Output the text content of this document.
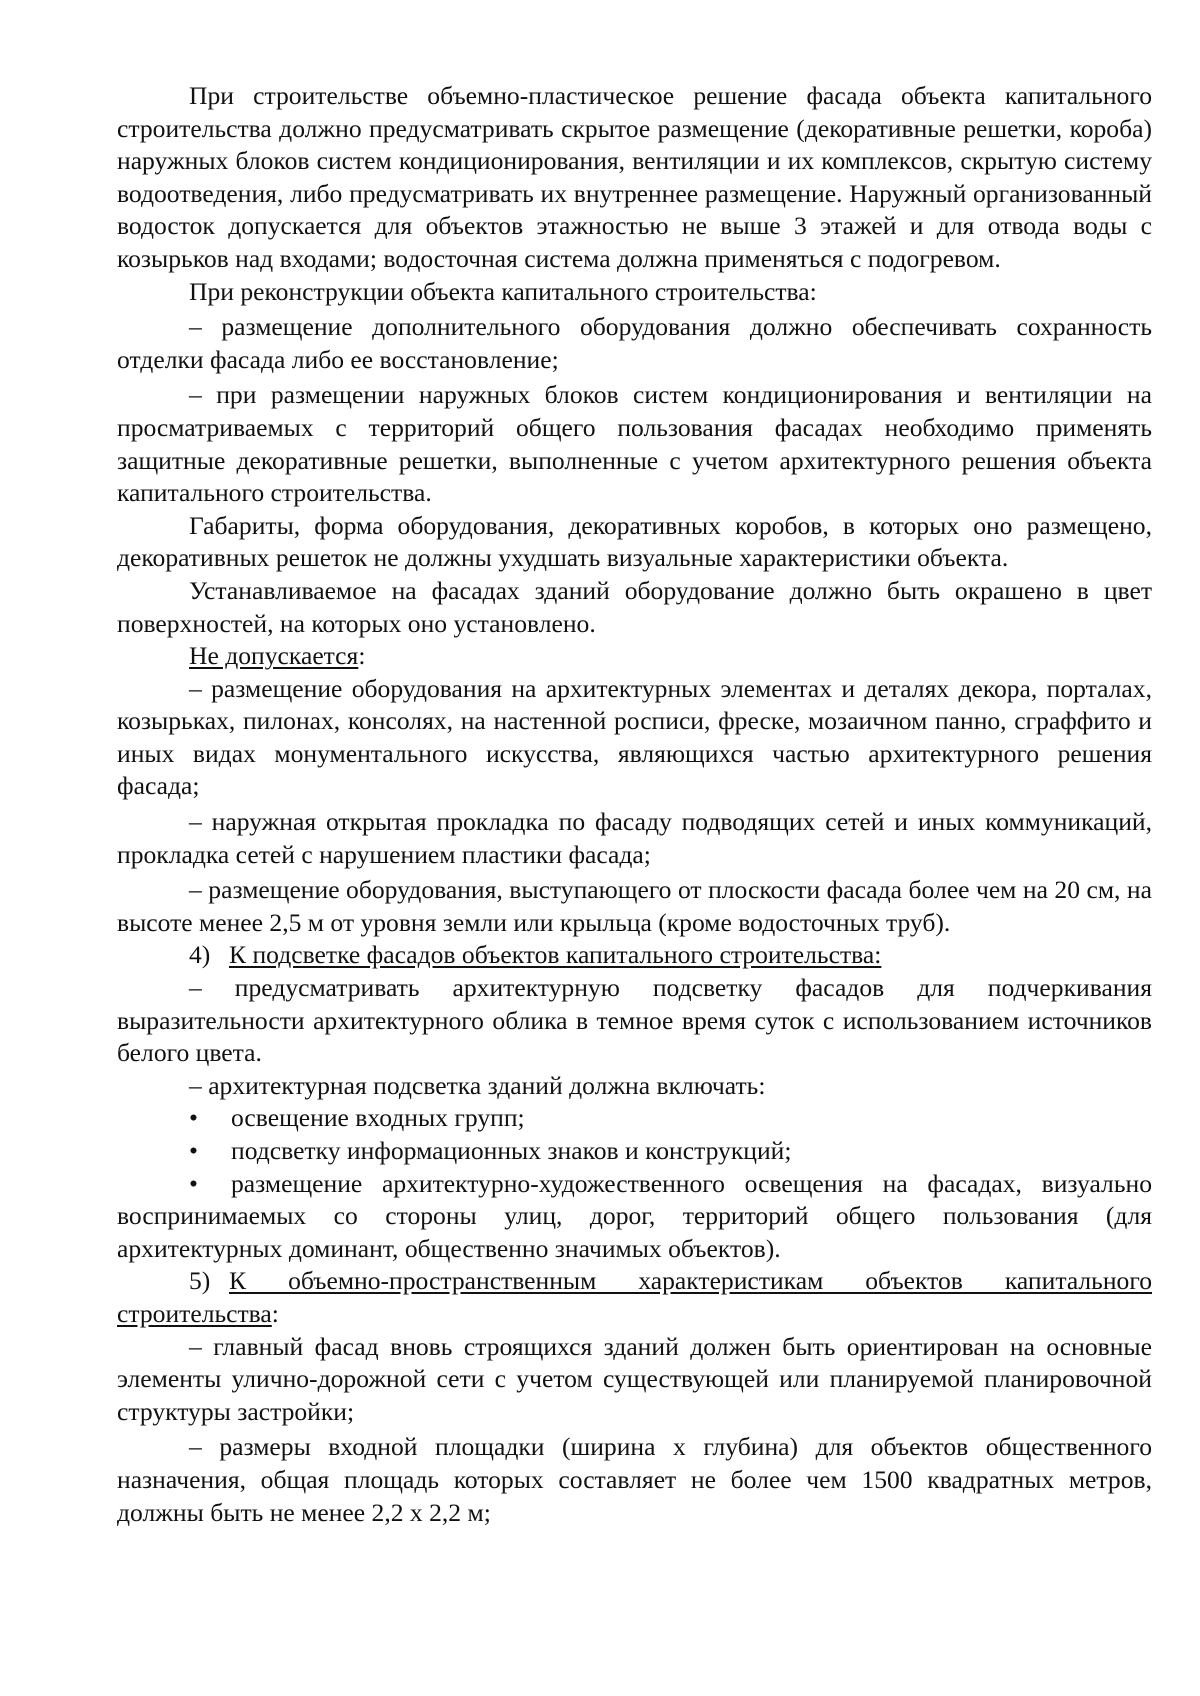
При строительстве объемно-пластическое решение фасада объекта капитального строительства должно предусматривать скрытое размещение (декоративные решетки, короба) наружных блоков систем кондиционирования, вентиляции и их комплексов, скрытую систему водоотведения, либо предусматривать их внутреннее размещение. Наружный организованный водосток допускается для объектов этажностью не выше 3 этажей и для отвода воды с козырьков над входами; водосточная система должна применяться с подогревом.

При реконструкции объекта капитального строительства:

– размещение дополнительного оборудования должно обеспечивать сохранность отделки фасада либо ее восстановление;

– при размещении наружных блоков систем кондиционирования и вентиляции на просматриваемых с территорий общего пользования фасадах необходимо применять защитные декоративные решетки, выполненные с учетом архитектурного решения объекта капитального строительства.

Габариты, форма оборудования, декоративных коробов, в которых оно размещено, декоративных решеток не должны ухудшать визуальные характеристики объекта.

Устанавливаемое на фасадах зданий оборудование должно быть окрашено в цвет поверхностей, на которых оно установлено.

Не допускается:

– размещение оборудования на архитектурных элементах и деталях декора, порталах, козырьках, пилонах, консолях, на настенной росписи, фреске, мозаичном панно, сграффито и иных видах монументального искусства, являющихся частью архитектурного решения фасада;

– наружная открытая прокладка по фасаду подводящих сетей и иных коммуникаций, прокладка сетей с нарушением пластики фасада;

– размещение оборудования, выступающего от плоскости фасада более чем на 20 см, на высоте менее 2,5 м от уровня земли или крыльца (кроме водосточных труб).

4) К подсветке фасадов объектов капитального строительства:

– предусматривать архитектурную подсветку фасадов для подчеркивания выразительности архитектурного облика в темное время суток с использованием источников белого цвета.

– архитектурная подсветка зданий должна включать:

• освещение входных групп;

• подсветку информационных знаков и конструкций;

• размещение архитектурно-художественного освещения на фасадах, визуально воспринимаемых со стороны улиц, дорог, территорий общего пользования (для архитектурных доминант, общественно значимых объектов).

5) К объемно-пространственным характеристикам объектов капитального строительства:

– главный фасад вновь строящихся зданий должен быть ориентирован на основные элементы улично-дорожной сети с учетом существующей или планируемой планировочной структуры застройки;

– размеры входной площадки (ширина х глубина) для объектов общественного назначения, общая площадь которых составляет не более чем 1500 квадратных метров, должны быть не менее 2,2 х 2,2 м;
